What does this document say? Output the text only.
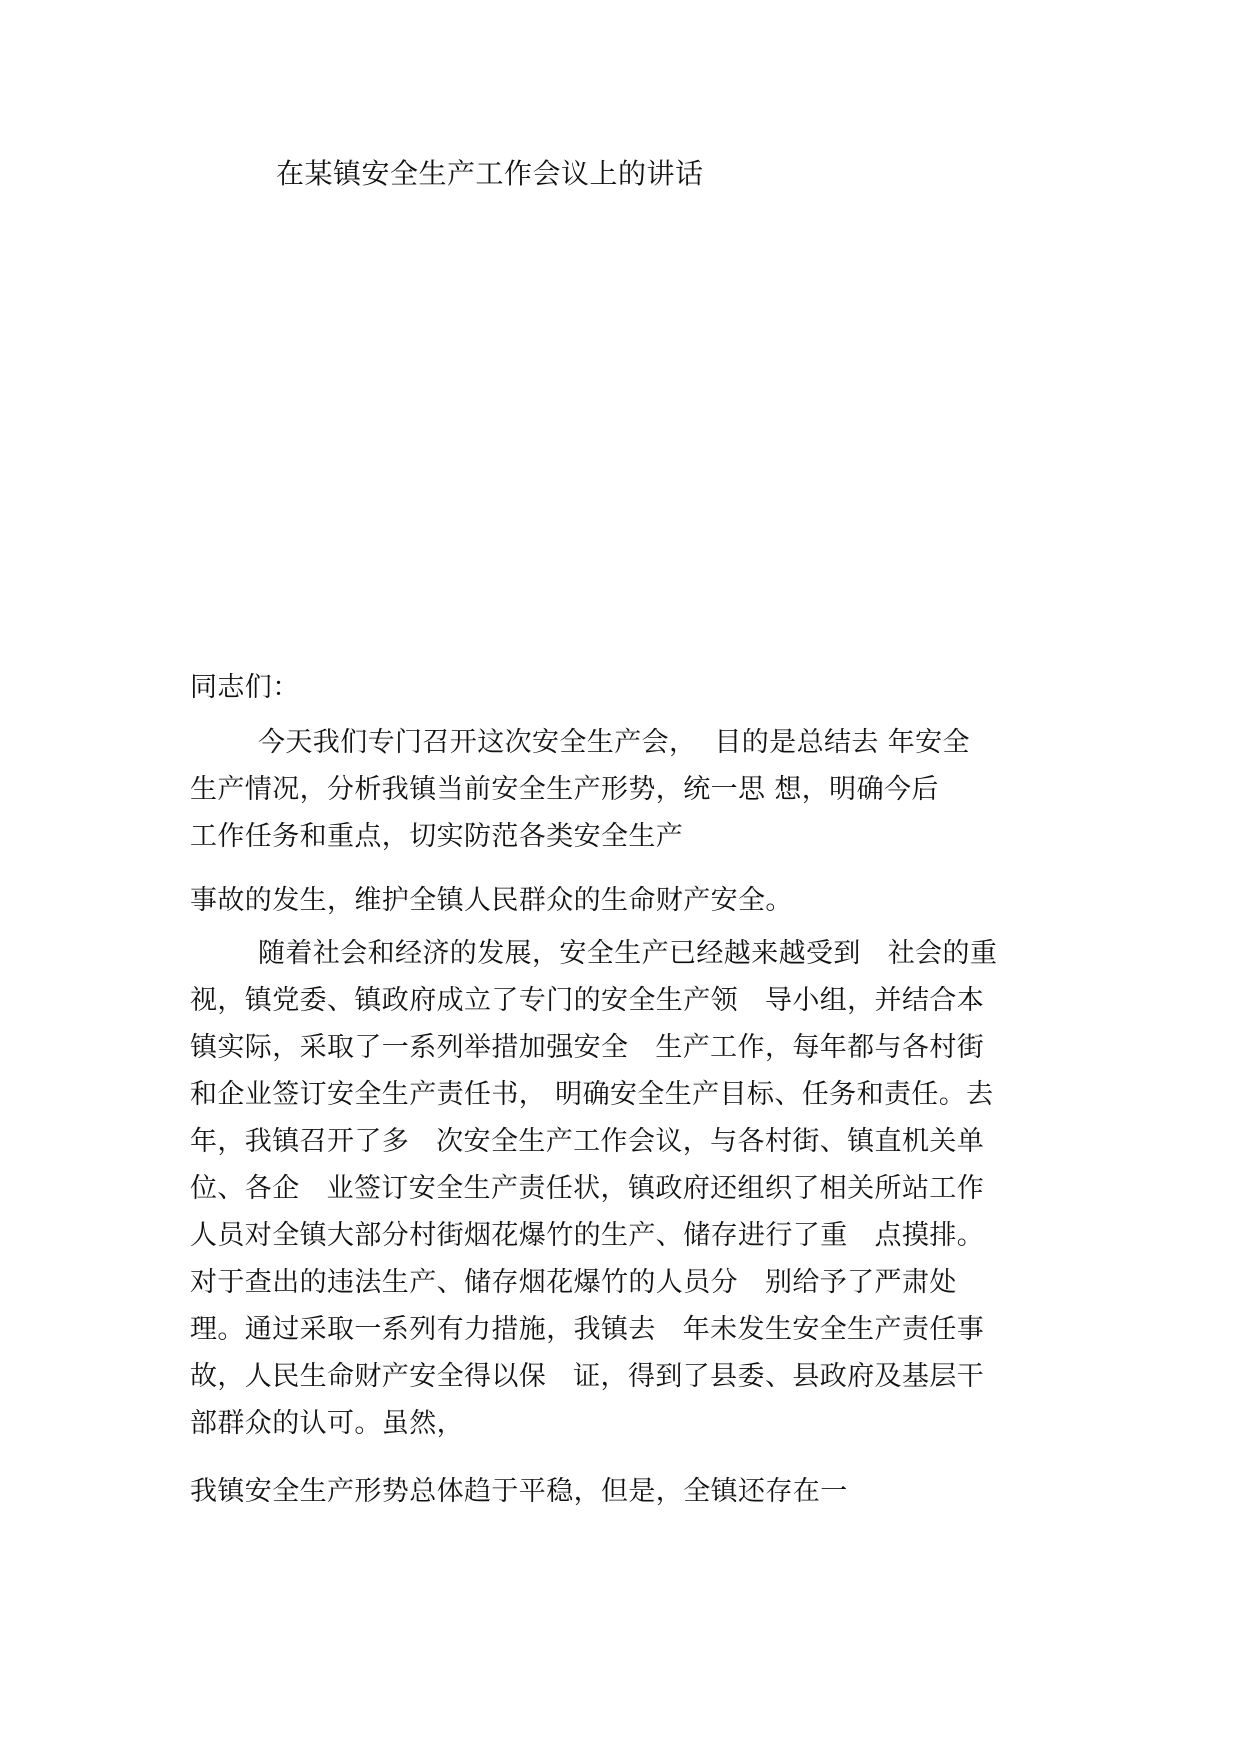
在某镇安全生产工作会议上的讲话
同志们：
今天我们专门召开这次安全生产会，  目的是总结去 年安全
生产情况，分析我镇当前安全生产形势，统一思 想，明确今后
工作任务和重点，切实防范各类安全生产
事故的发生，维护全镇人民群众的生命财产安全。
随着社会和经济的发展，安全生产已经越来越受到   社会的重
视，镇党委、镇政府成立了专门的安全生产领   导小组，并结合本
镇实际，采取了一系列举措加强安全   生产工作，每年都与各村街
和企业签订安全生产责任书， 明确安全生产目标、任务和责任。去
年，我镇召开了多   次安全生产工作会议，与各村街、镇直机关单
位、各企   业签订安全生产责任状，镇政府还组织了相关所站工作
人员对全镇大部分村街烟花爆竹的生产、储存进行了重   点摸排。
对于查出的违法生产、储存烟花爆竹的人员分   别给予了严肃处
理。通过采取一系列有力措施，我镇去   年未发生安全生产责任事
故，人民生命财产安全得以保   证，得到了县委、县政府及基层干
部群众的认可。虽然，
我镇安全生产形势总体趋于平稳，但是，全镇还存在一
